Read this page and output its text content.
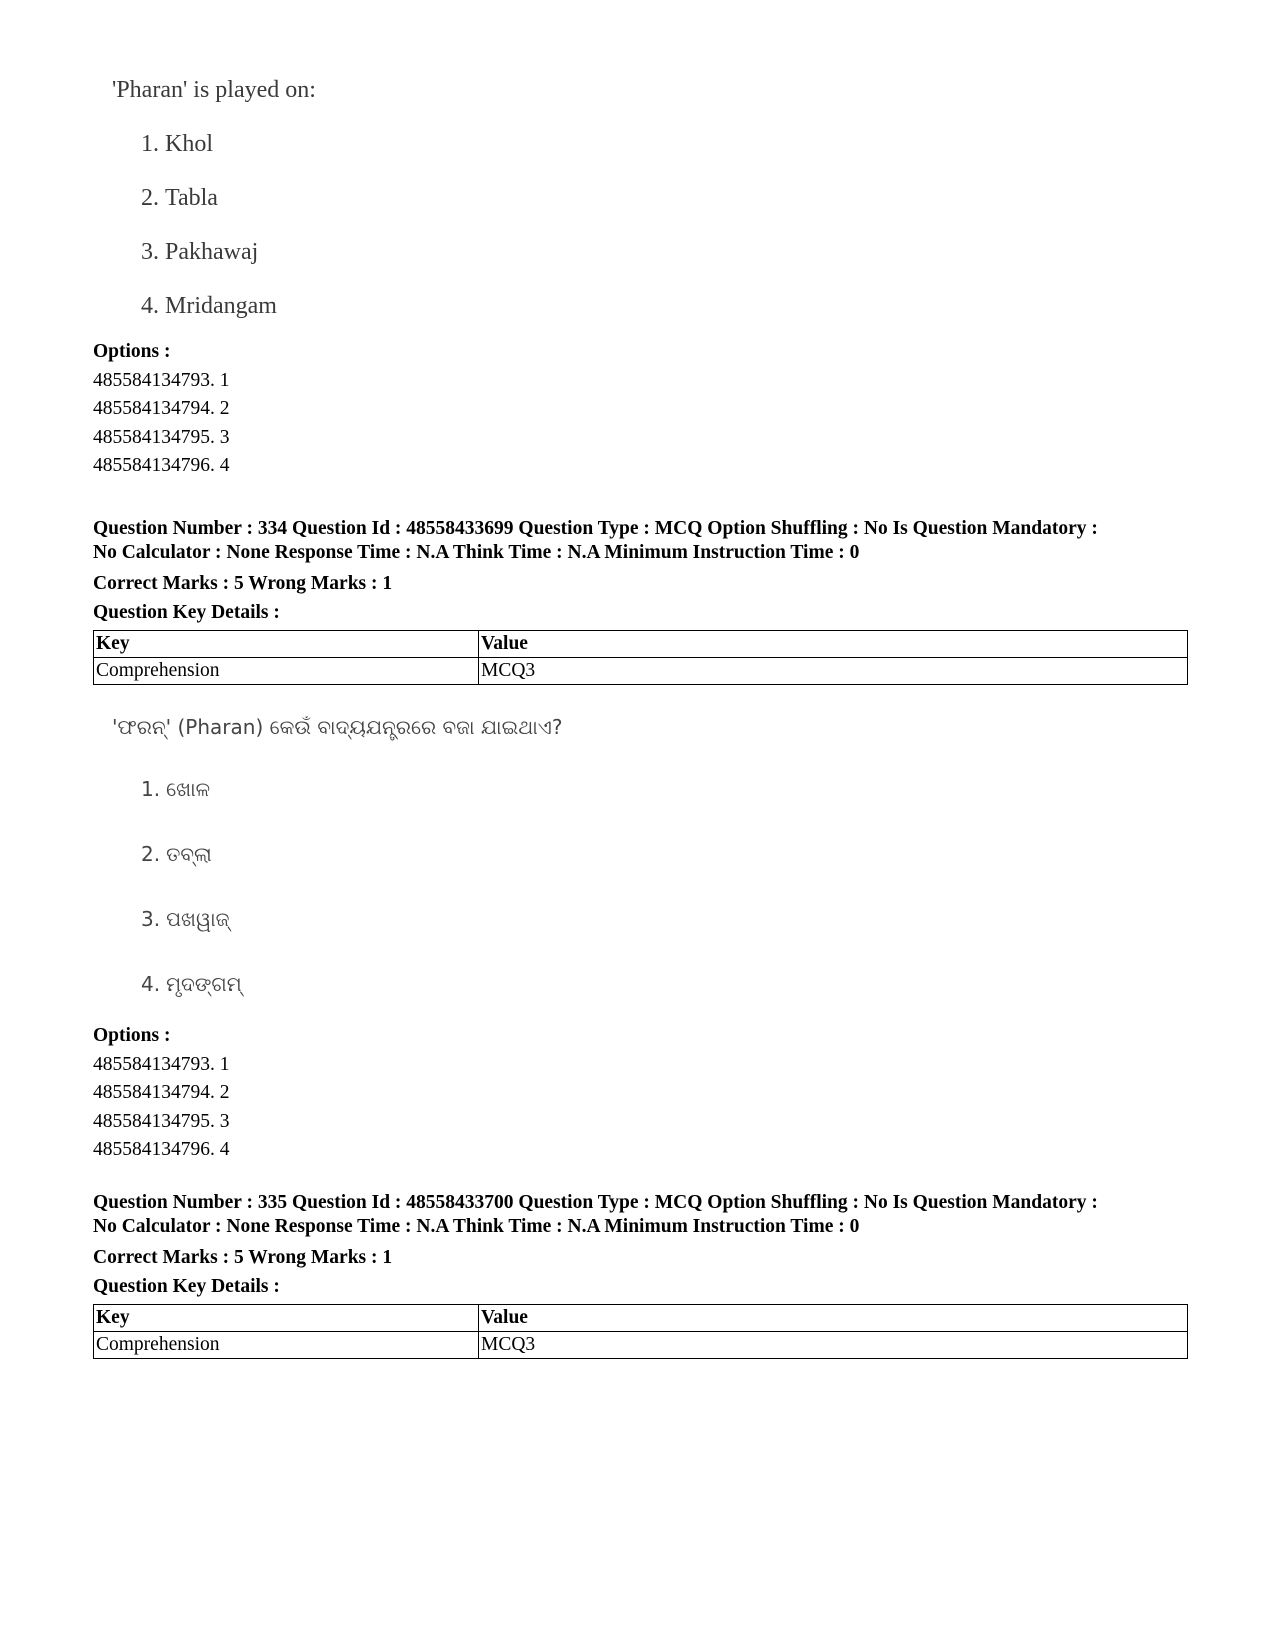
'Pharan' is played on:
1. Khol
2. Tabla
3. Pakhawaj
4. Mridangam
Options :
485584134793. 1
485584134794. 2
485584134795. 3
485584134796. 4
Question Number : 334 Question Id : 48558433699 Question Type : MCQ Option Shuffling : No Is Question Mandatory :
No Calculator : None Response Time : N.A Think Time : N.A Minimum Instruction Time : 0
Correct Marks : 5 Wrong Marks : 1
Question Key Details :
Key	Value
Comprehension	MCQ3
'ଫରନ୍' (Pharan) କେଉଁ ବାଦ୍ୟଯନ୍ତ୍ରରେ ବଜା ଯାଇଥାଏ?
1. ଖୋଳ
2. ତବ୍ଲା
3. ପଖୱାଜ୍
4. ମୃଦଙ୍ଗମ୍
Options :
485584134793. 1
485584134794. 2
485584134795. 3
485584134796. 4
Question Number : 335 Question Id : 48558433700 Question Type : MCQ Option Shuffling : No Is Question Mandatory :
No Calculator : None Response Time : N.A Think Time : N.A Minimum Instruction Time : 0
Correct Marks : 5 Wrong Marks : 1
Question Key Details :
Key	Value
Comprehension	MCQ3
